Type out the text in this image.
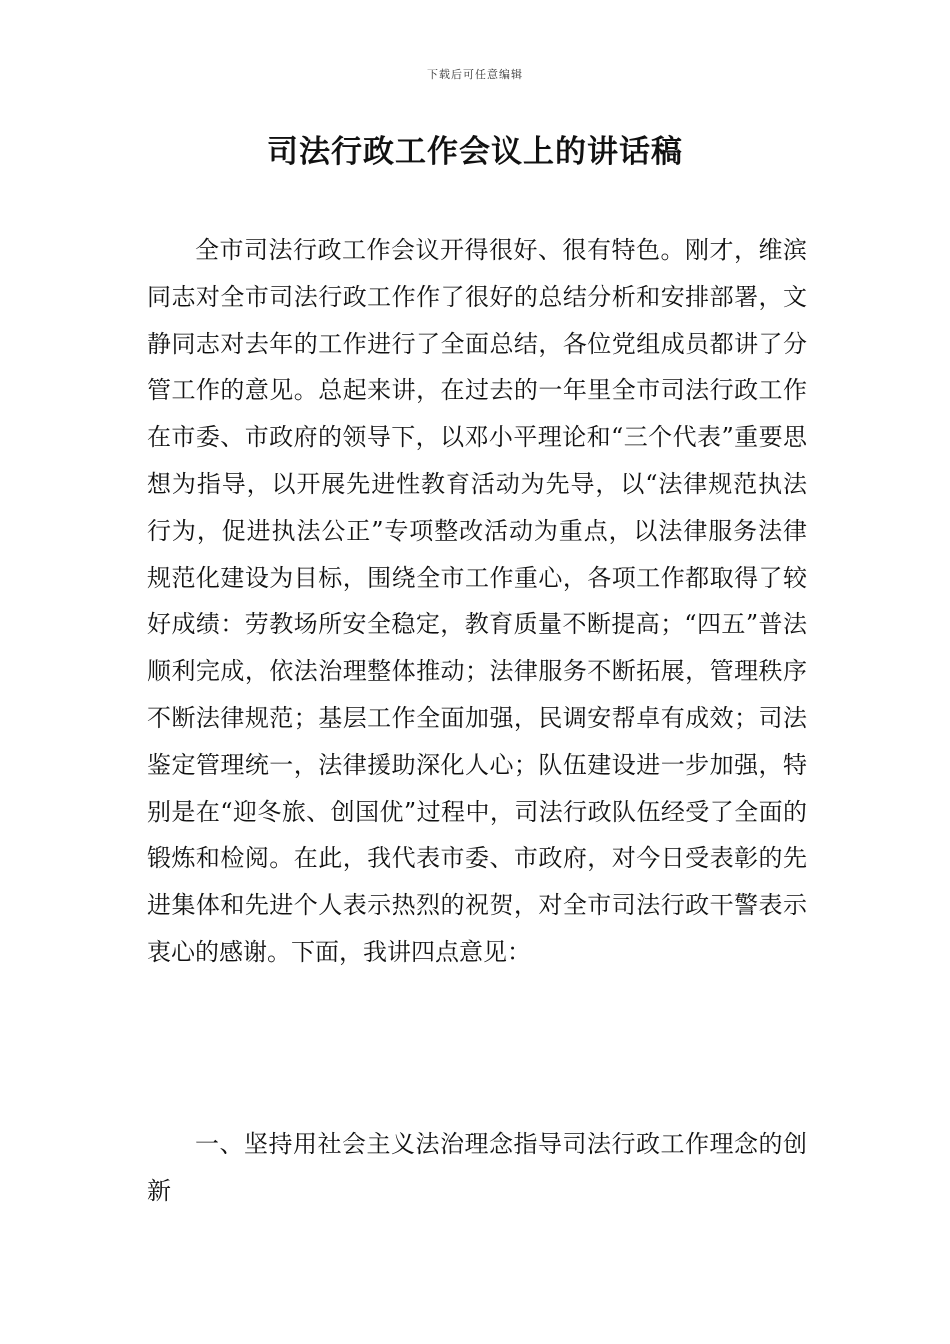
下载后可任意编辑
司法行政工作会议上的讲话稿

全市司法行政工作会议开得很好、很有特色。刚才，维滨同志对全市司法行政工作作了很好的总结分析和安排部署，文静同志对去年的工作进行了全面总结，各位党组成员都讲了分管工作的意见。总起来讲，在过去的一年里全市司法行政工作在市委、市政府的领导下，以邓小平理论和“三个代表”重要思想为指导，以开展先进性教育活动为先导，以“法律规范执法行为，促进执法公正”专项整改活动为重点，以法律服务法律规范化建设为目标，围绕全市工作重心，各项工作都取得了较好成绩：劳教场所安全稳定，教育质量不断提高；“四五”普法顺利完成，依法治理整体推动；法律服务不断拓展，管理秩序不断法律规范；基层工作全面加强，民调安帮卓有成效；司法鉴定管理统一，法律援助深化人心；队伍建设进一步加强，特别是在“迎冬旅、创国优”过程中，司法行政队伍经受了全面的锻炼和检阅。在此，我代表市委、市政府，对今日受表彰的先进集体和先进个人表示热烈的祝贺，对全市司法行政干警表示衷心的感谢。下面，我讲四点意见：

一、坚持用社会主义法治理念指导司法行政工作理念的创新
